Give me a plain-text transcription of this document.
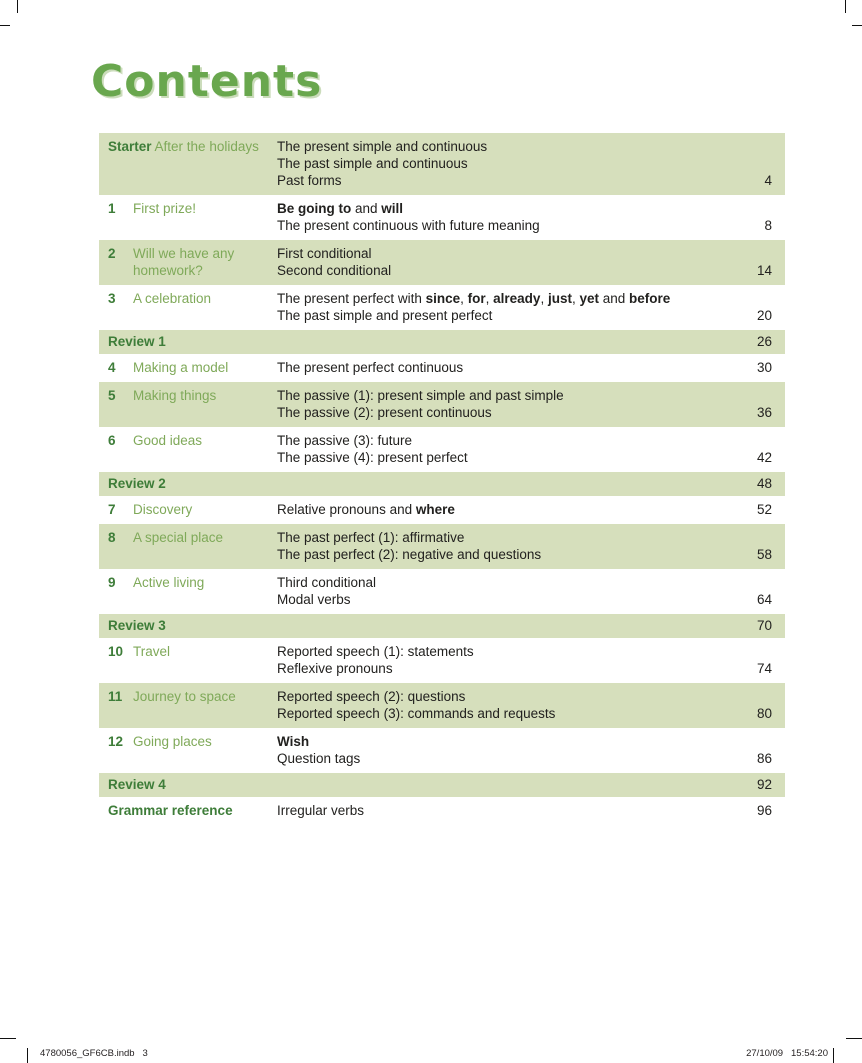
Contents
Starter After the holidays	The present simple and continuous
The past simple and continuous
Past forms	4
1	First prize!	Be going to and will
The present continuous with future meaning	8
2	Will we have any homework?
First conditional
Second conditional	14
3	A celebration	The present perfect with since, for, already, just, yet and before
The past simple and present perfect	20
Review 1	26
4	Making a model	The present perfect continuous	30
5	Making things	The passive (1): present simple and past simple
The passive (2): present continuous	36
6	Good ideas	The passive (3): future
The passive (4): present perfect	42
Review 2	48
7	Discovery	Relative pronouns and where	52
8	A special place	The past perfect (1): affirmative
The past perfect (2): negative and questions	58
9	Active living	Third conditional
Modal verbs	64
Review 3	70
10 Travel	Reported speech (1): statements
Reflexive pronouns	74
11 Journey to space	Reported speech (2): questions
Reported speech (3): commands and requests	80
12 Going places	Wish
Question tags	86
Review 4	92
Grammar reference	Irregular verbs	96
4780056_GF6CB.indb   3	27/10/09   15:54:20
